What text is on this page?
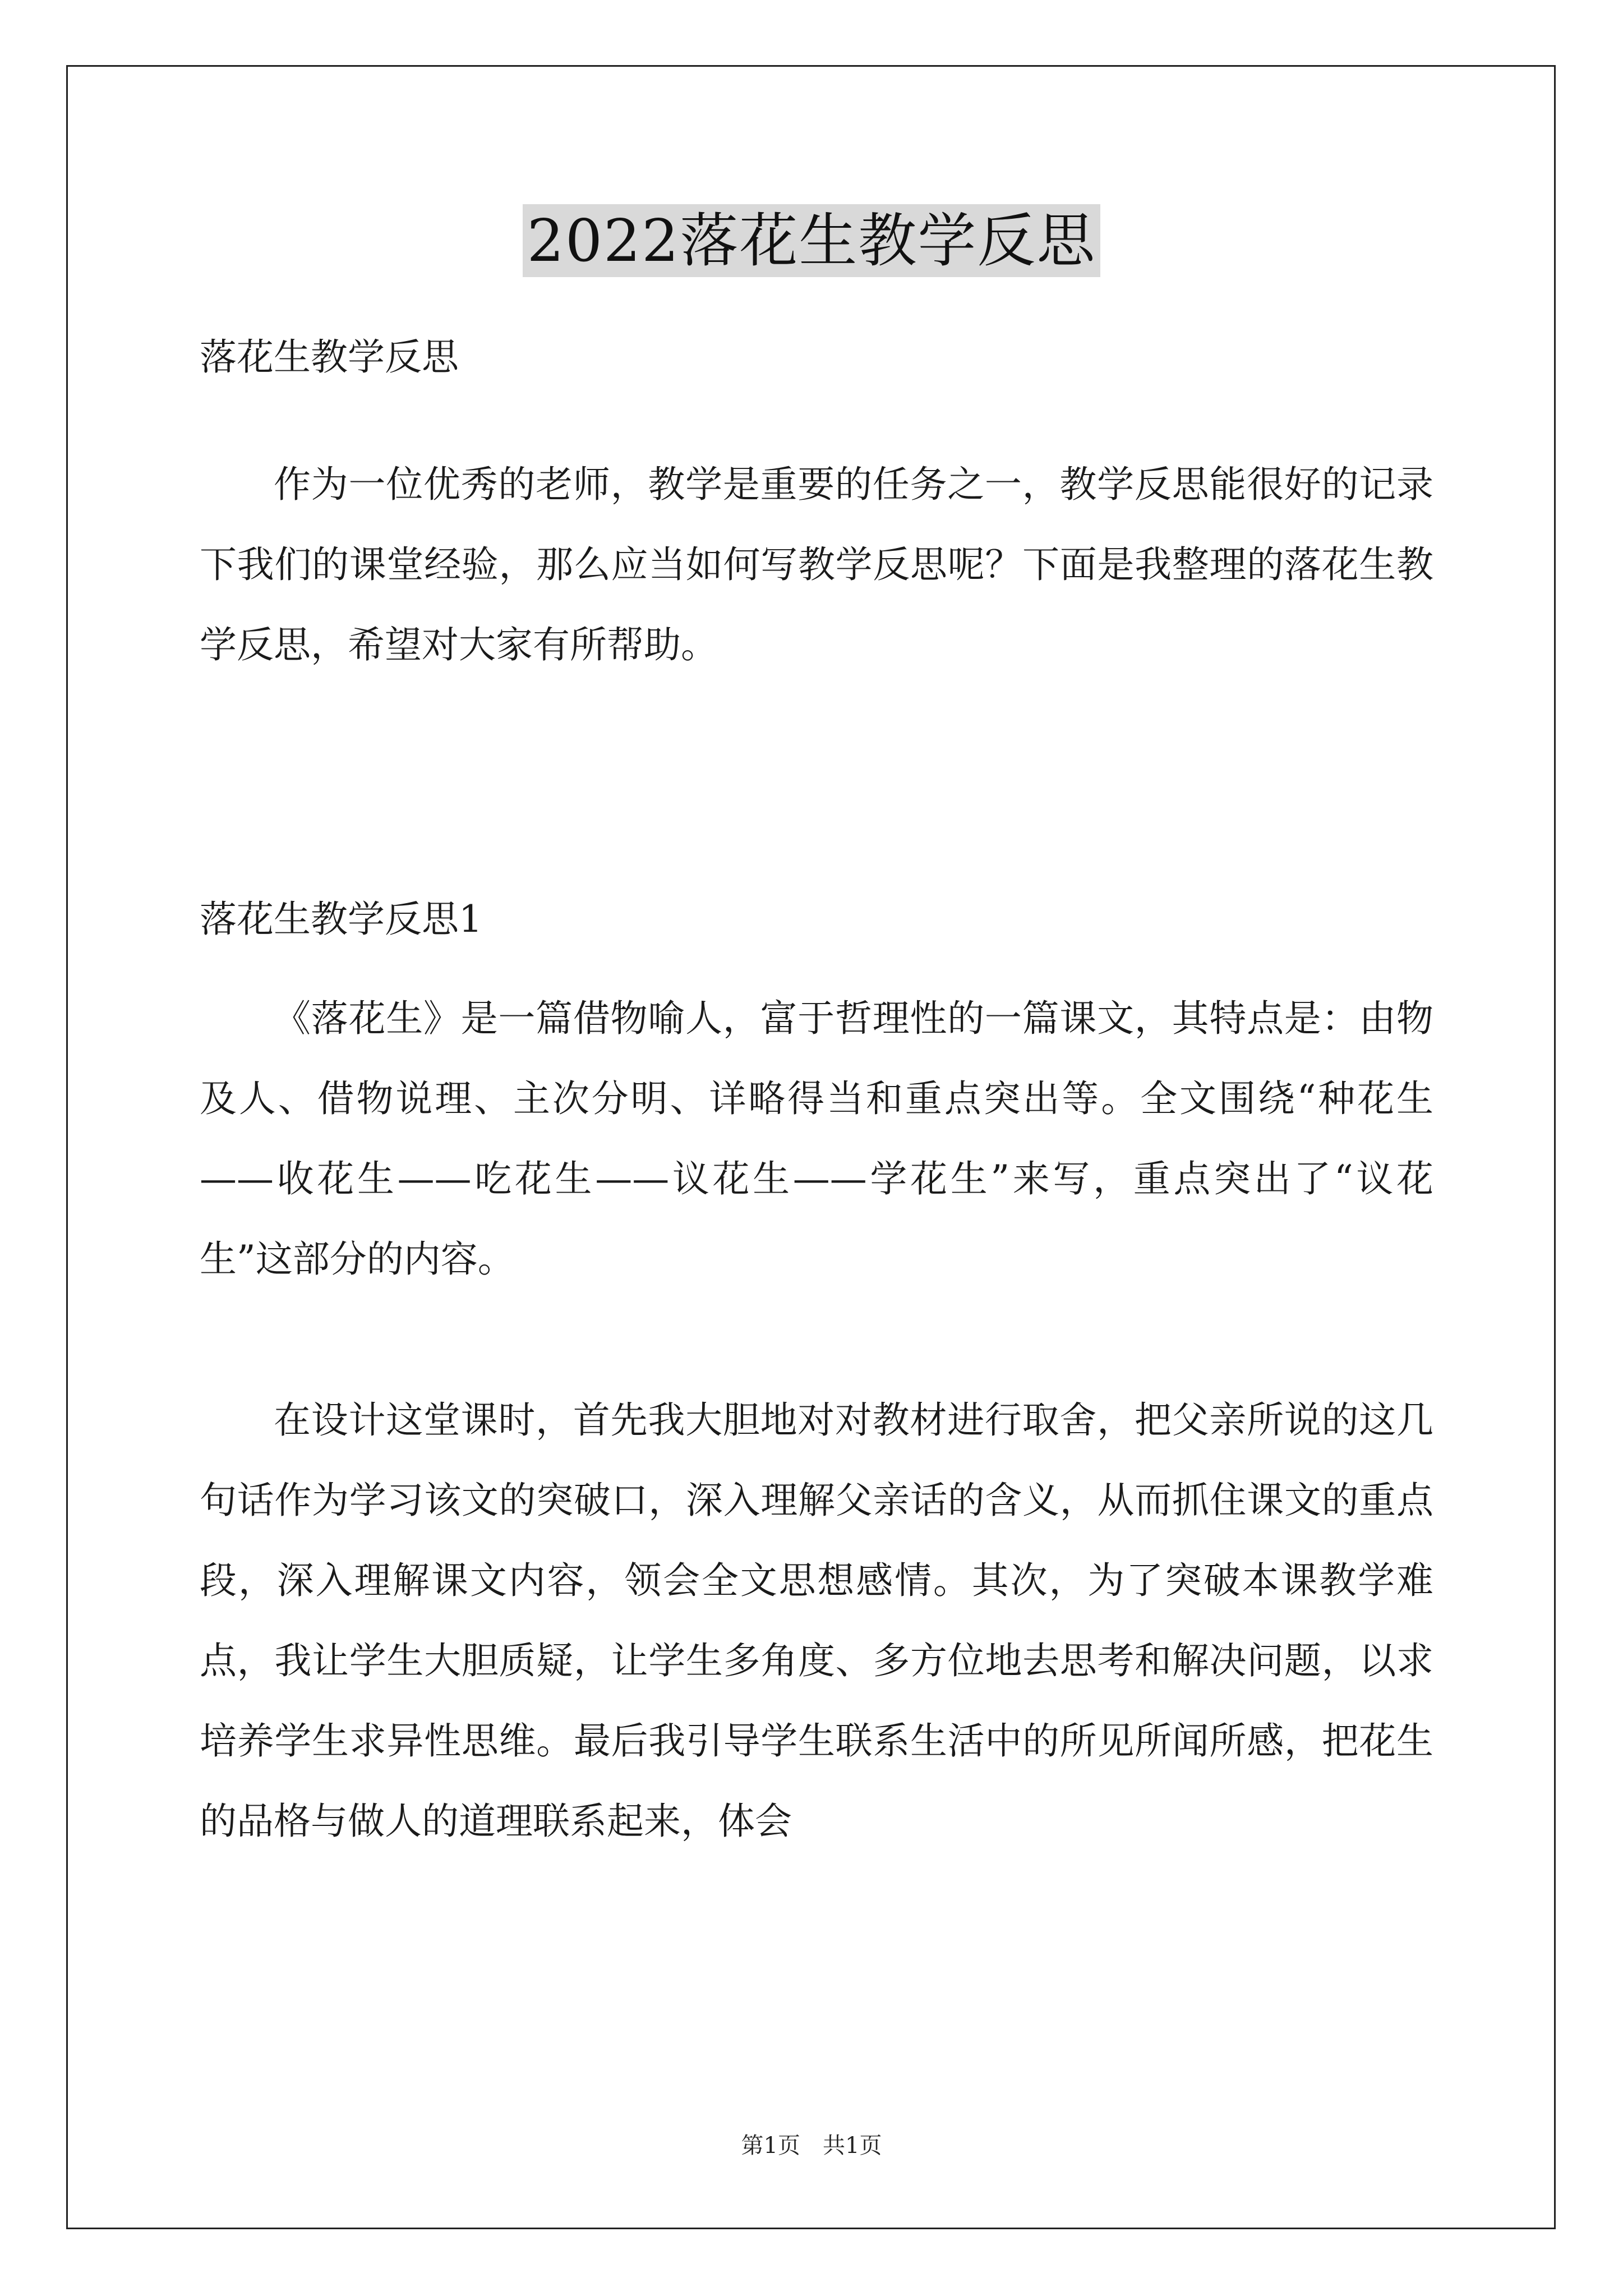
2022落花生教学反思
落花生教学反思
作为一位优秀的老师，教学是重要的任务之一，教学反思能很好的记录下我们的课堂经验，那么应当如何写教学反思呢？下面是我整理的落花生教学反思，希望对大家有所帮助。
落花生教学反思1
《落花生》是一篇借物喻人，富于哲理性的一篇课文，其特点是：由物及人、借物说理、主次分明、详略得当和重点突出等。全文围绕“种花生——收花生——吃花生——议花生——学花生”来写，重点突出了“议花生”这部分的内容。
在设计这堂课时，首先我大胆地对对教材进行取舍，把父亲所说的这几句话作为学习该文的突破口，深入理解父亲话的含义，从而抓住课文的重点段，深入理解课文内容，领会全文思想感情。其次，为了突破本课教学难点，我让学生大胆质疑，让学生多角度、多方位地去思考和解决问题，以求培养学生求异性思维。最后我引导学生联系生活中的所见所闻所感，把花生的品格与做人的道理联系起来，体会
第1页 共1页
